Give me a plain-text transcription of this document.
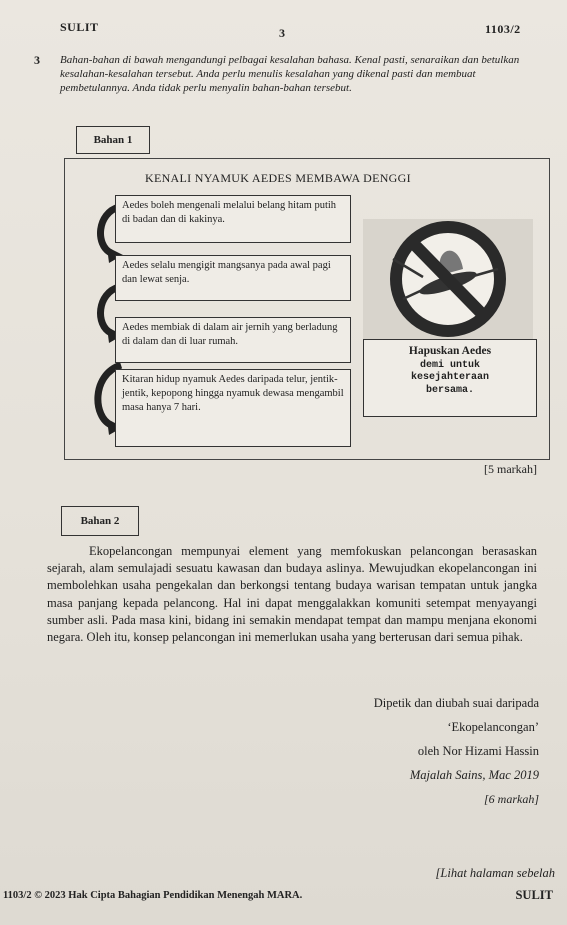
SULIT	3	1103/2
3 Bahan-bahan di bawah mengandungi pelbagai kesalahan bahasa. Kenal pasti, senaraikan dan betulkan kesalahan-kesalahan tersebut. Anda perlu menulis kesalahan yang dikenal pasti dan membuat pembetulannya. Anda tidak perlu menyalin bahan-bahan tersebut.
Bahan 1
KENALI NYAMUK AEDES MEMBAWA DENGGI
Aedes boleh mengenali melalui belang hitam putih di badan dan di kakinya.
Aedes selalu mengigit mangsanya pada awal pagi dan lewat senja.
Aedes membiak di dalam air jernih yang berladung di dalam dan di luar rumah.
Kitaran hidup nyamuk Aedes daripada telur, jentik-jentik, kepopong hingga nyamuk dewasa mengambil masa hanya 7 hari.
Hapuskan Aedes
demi untuk
kesejahteraan
bersama.
[5 markah]
Bahan 2
Ekopelancongan mempunyai element yang memfokuskan pelancongan berasaskan sejarah, alam semulajadi sesuatu kawasan dan budaya aslinya. Mewujudkan ekopelancongan ini membolehkan usaha pengekalan dan berkongsi tentang budaya warisan tempatan untuk jangka masa panjang kepada pelancong. Hal ini dapat menggalakkan komuniti setempat menyayangi sumber asli. Pada masa kini, bidang ini semakin mendapat tempat dan mampu menjana ekonomi negara. Oleh itu, konsep pelancongan ini memerlukan usaha yang berterusan dari semua pihak.
Dipetik dan diubah suai daripada
‘Ekopelancongan’
oleh Nor Hizami Hassin
Majalah Sains, Mac 2019
[6 markah]
[Lihat halaman sebelah
1103/2 © 2023 Hak Cipta Bahagian Pendidikan Menengah MARA.	SULIT
